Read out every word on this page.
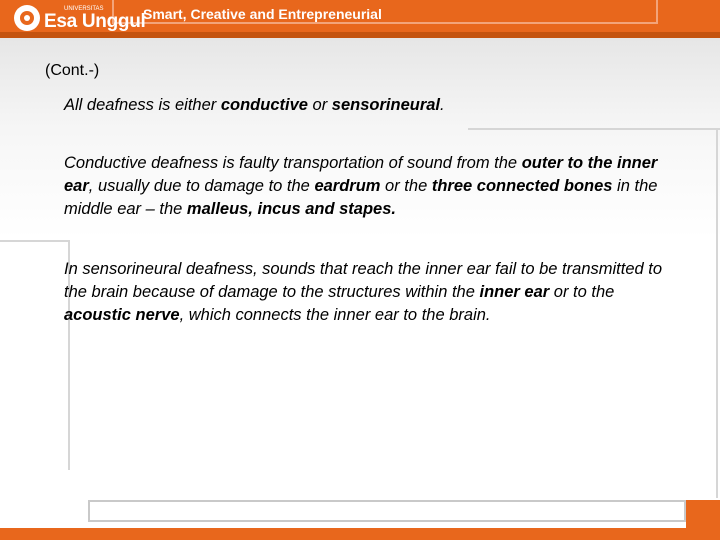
UNIVERSITAS
Esa Unggul
Smart, Creative and Entrepreneurial
(Cont.-)
All deafness is either conductive or sensorineural.
Conductive deafness is faulty transportation of sound from the outer to the inner ear, usually due to damage to the eardrum or the three connected bones in the middle ear – the malleus, incus and stapes.
In sensorineural deafness, sounds that reach the inner ear fail to be transmitted to the brain because of damage to the structures within the inner ear or to the acoustic nerve, which connects the inner ear to the brain.
